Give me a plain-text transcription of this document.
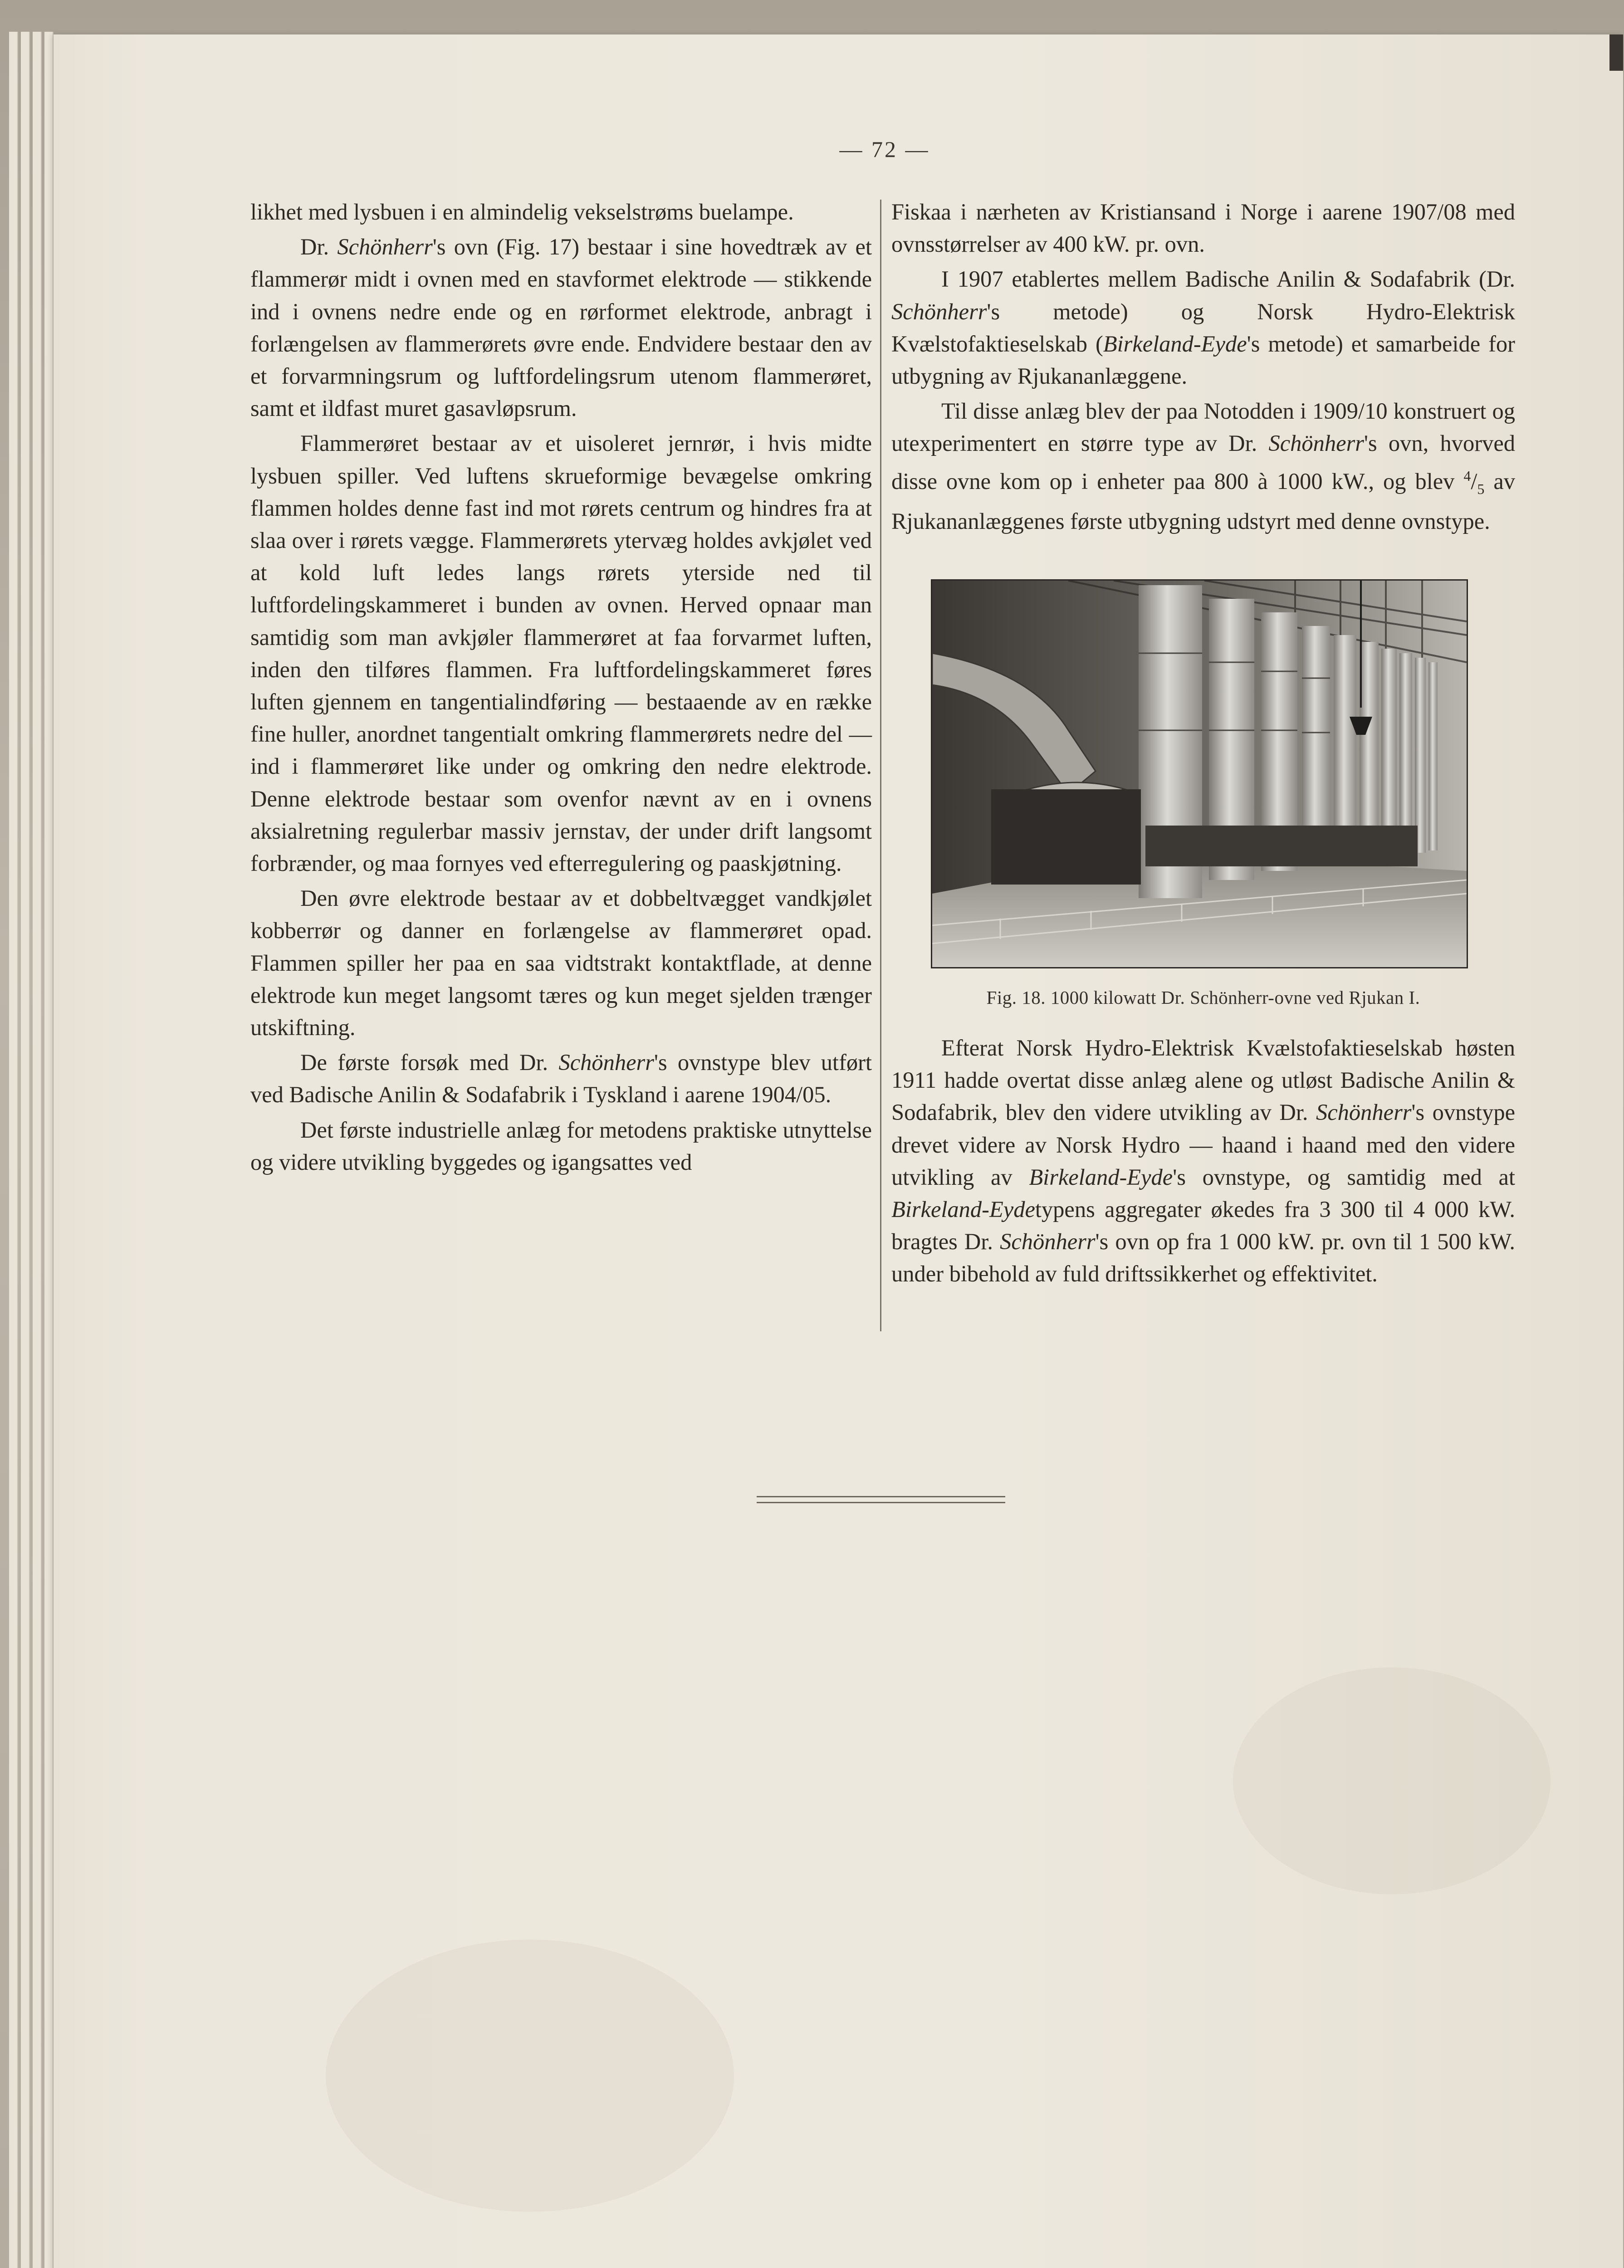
— 72 —

likhet med lysbuen i en almindelig vekselstrøms buelampe.

Dr. Schönherr's ovn (Fig. 17) bestaar i sine hovedtræk av et flammerør midt i ovnen med en stavformet elektrode — stikkende ind i ovnens nedre ende og en rørformet elektrode, anbragt i forlængelsen av flammerørets øvre ende. Endvidere bestaar den av et forvarmningsrum og luftfordelingsrum utenom flammerøret, samt et ildfast muret gasavløpsrum.

Flammerøret bestaar av et uisoleret jernrør, i hvis midte lysbuen spiller. Ved luftens skrueformige bevægelse omkring flammen holdes denne fast ind mot rørets centrum og hindres fra at slaa over i rørets vægge. Flammerørets ytervæg holdes avkjølet ved at kold luft ledes langs rørets yterside ned til luftfordelingskammeret i bunden av ovnen. Herved opnaar man samtidig som man avkjøler flammerøret at faa forvarmet luften, inden den tilføres flammen. Fra luftfordelingskammeret føres luften gjennem en tangentialindføring — bestaaende av en række fine huller, anordnet tangentialt omkring flammerørets nedre del — ind i flammerøret like under og omkring den nedre elektrode. Denne elektrode bestaar som ovenfor nævnt av en i ovnens aksialretning regulerbar massiv jernstav, der under drift langsomt forbrænder, og maa fornyes ved efterregulering og paaskjøtning.

Den øvre elektrode bestaar av et dobbeltvægget vandkjølet kobberrør og danner en forlængelse av flammerøret opad. Flammen spiller her paa en saa vidtstrakt kontaktflade, at denne elektrode kun meget langsomt tæres og kun meget sjelden trænger utskiftning.

De første forsøk med Dr. Schönherr's ovnstype blev utført ved Badische Anilin & Sodafabrik i Tyskland i aarene 1904/05.

Det første industrielle anlæg for metodens praktiske utnyttelse og videre utvikling byggedes og igangsattes ved

Fiskaa i nærheten av Kristiansand i Norge i aarene 1907/08 med ovnsstørrelser av 400 kW. pr. ovn.

I 1907 etablertes mellem Badische Anilin & Sodafabrik (Dr. Schönherr's metode) og Norsk Hydro-Elektrisk Kvælstofaktieselskab (Birkeland-Eyde's metode) et samarbeide for utbygning av Rjukananlæggene.

Til disse anlæg blev der paa Notodden i 1909/10 konstruert og utexperimentert en større type av Dr. Schönherr's ovn, hvorved disse ovne kom op i enheter paa 800 à 1000 kW., og blev $^4/_5$ av Rjukananlæggenes første utbygning udstyrt med denne ovnstype.

Fig. 18. 1000 kilowatt Dr. Schönherr-ovne ved Rjukan I.

Efterat Norsk Hydro-Elektrisk Kvælstofaktieselskab høsten 1911 hadde overtat disse anlæg alene og utløst Badische Anilin & Sodafabrik, blev den videre utvikling av Dr. Schönherr's ovnstype drevet videre av Norsk Hydro — haand i haand med den videre utvikling av Birkeland-Eyde's ovnstype, og samtidig med at Birkeland-Eydetypens aggregater økedes fra 3 300 til 4 000 kW. bragtes Dr. Schönherr's ovn op fra 1 000 kW. pr. ovn til 1 500 kW. under bibehold av fuld driftssikkerhet og effektivitet.
